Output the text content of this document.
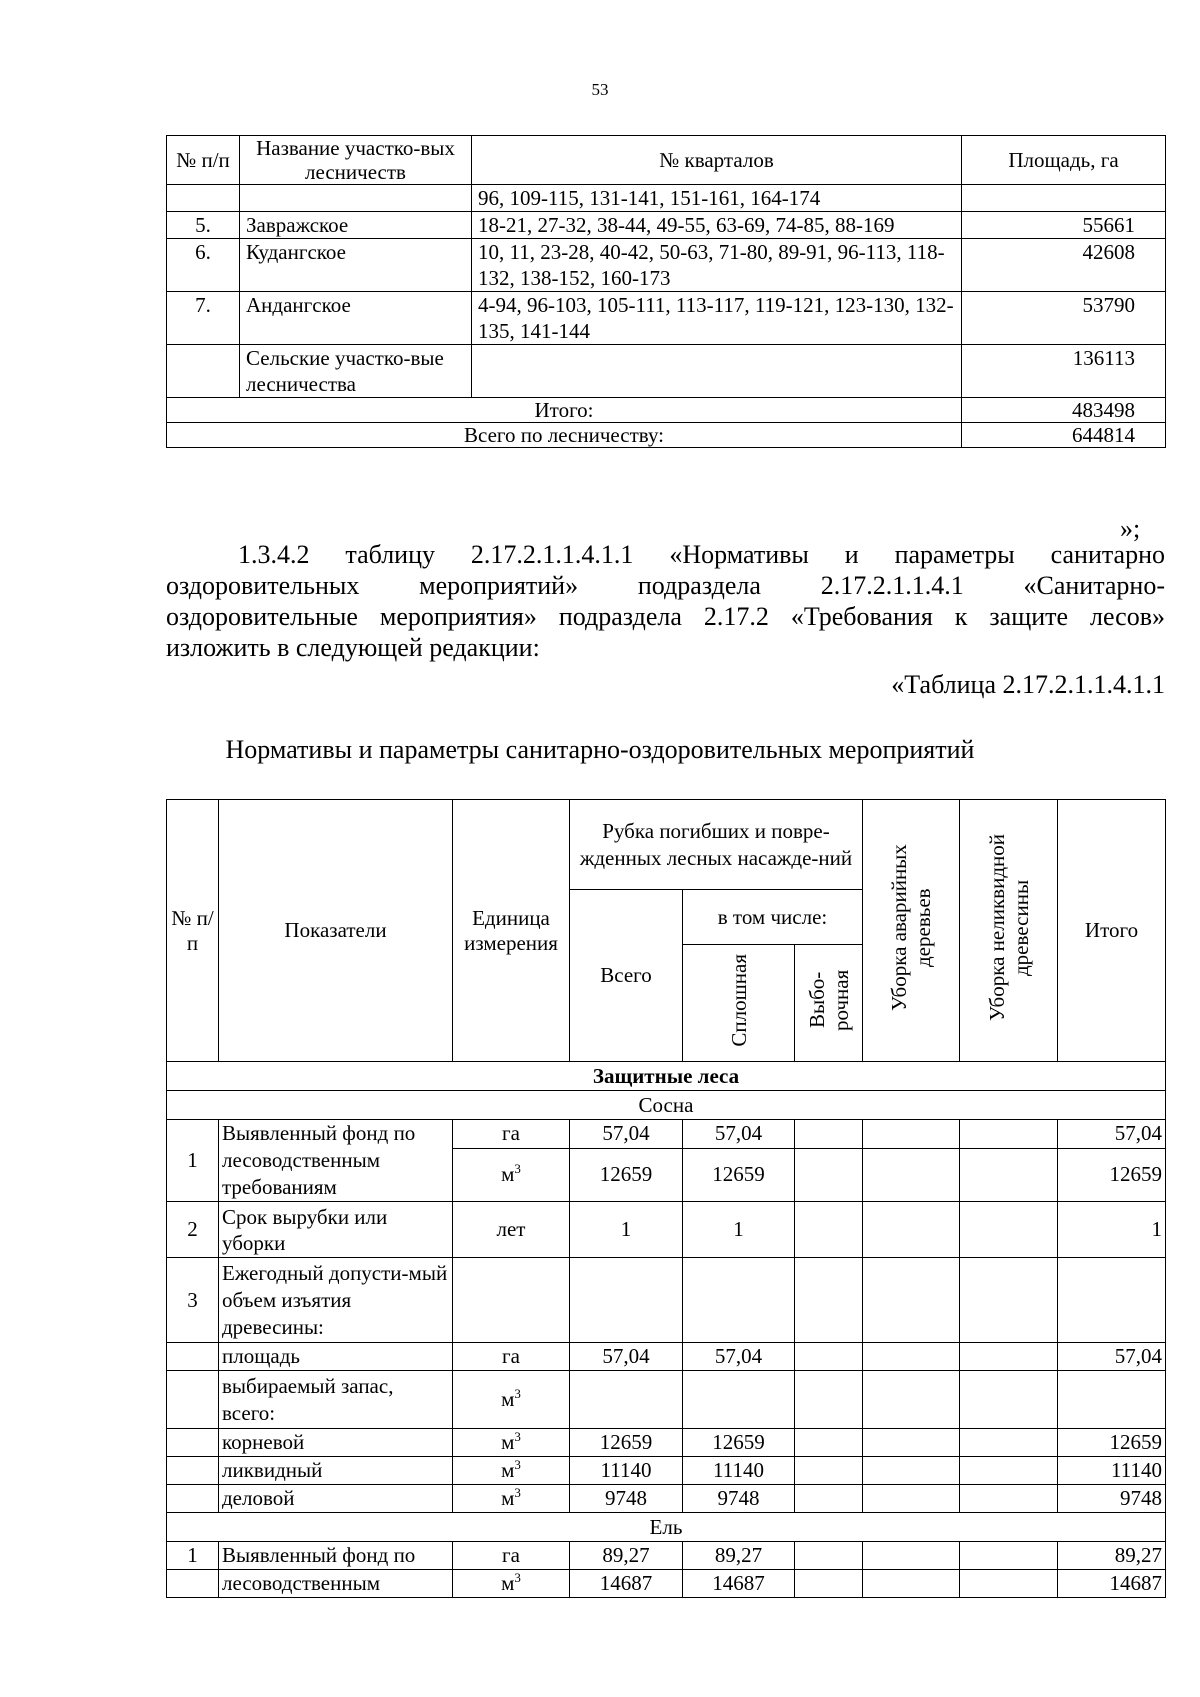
53
№ п/п	Название участко-вых лесничеств	№ кварталов	Площадь, га
		96, 109-115, 131-141, 151-161, 164-174	
5.	Завражское	18-21, 27-32, 38-44, 49-55, 63-69, 74-85, 88-169	55661
6.	Кудангское	10, 11, 23-28, 40-42, 50-63, 71-80, 89-91, 96-113, 118-132, 138-152, 160-173	42608
7.	Андангское	4-94, 96-103, 105-111, 113-117, 119-121, 123-130, 132-135, 141-144	53790
	Сельские участко-вые лесничества		136113
Итого:			483498
Всего по лесничеству:			644814
»;
1.3.4.2 таблицу 2.17.2.1.1.4.1.1 «Нормативы и параметры санитарно
оздоровительных мероприятий» подраздела 2.17.2.1.1.4.1 «Санитарно-
оздоровительные мероприятия» подраздела 2.17.2 «Требования к защите лесов»
изложить в следующей редакции:
«Таблица 2.17.2.1.1.4.1.1
Нормативы и параметры санитарно-оздоровительных мероприятий
№ п/п	Показатели	Единица измерения	Рубка погибших и повре-жденных лесных насажде-ний			Уборка аварийных деревьев	Уборка неликвидной древесины	Итого
			Всего	в том числе:				
				Сплошная	Выбо-рочная			
Защитные леса								
Сосна								
1	Выявленный фонд по лесоводственным требованиям	га	57,04	57,04				57,04
		$м^3$	12659	12659				12659
2	Срок вырубки или уборки	лет	1	1				1
3	Ежегодный допусти-мый объем изъятия древесины:							
	площадь	га	57,04	57,04				57,04
	выбираемый запас, всего:	$м^3$						
	корневой	$м^3$	12659	12659				12659
	ликвидный	$м^3$	11140	11140				11140
	деловой	$м^3$	9748	9748				9748
Ель								
1	Выявленный фонд по	га	89,27	89,27				89,27
	лесоводственным	$м^3$	14687	14687				14687
